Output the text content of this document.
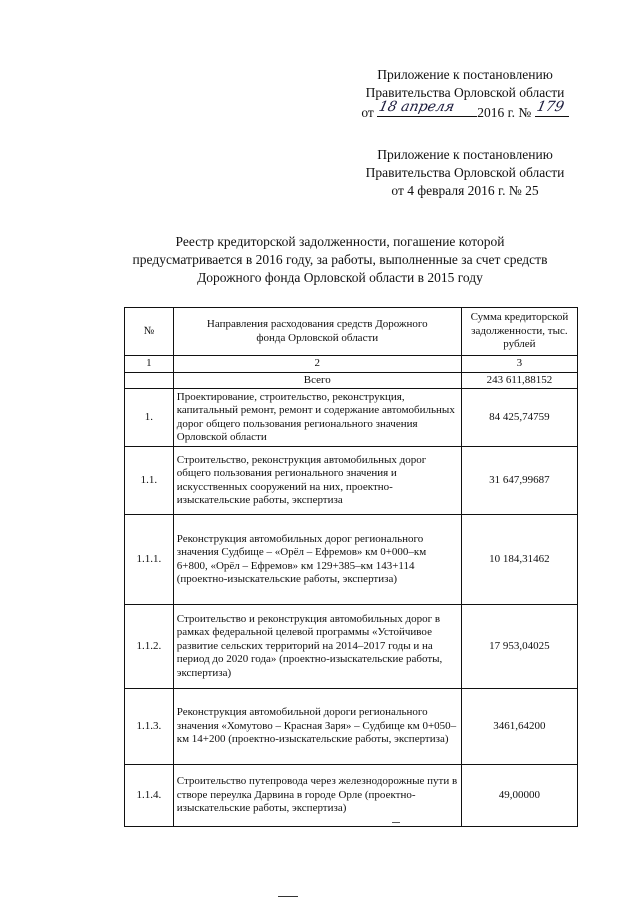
Приложение к постановлению
Правительства Орловской области
от 18 апреля 2016 г. № 179
Приложение к постановлению
Правительства Орловской области
от 4 февраля 2016 г. № 25
Реестр кредиторской задолженности, погашение которой
предусматривается в 2016 году, за работы, выполненные за счет средств
Дорожного фонда Орловской области в 2015 году
№	Направления расходования средств Дорожного фонда Орловской области	Сумма кредиторской задолженности, тыс. рублей
1	2	3
	Всего	243 611,88152
1.	Проектирование, строительство, реконструкция, капитальный ремонт, ремонт и содержание автомобильных дорог общего пользования регионального значения Орловской области	84 425,74759
1.1.	Строительство, реконструкция автомобильных дорог общего пользования регионального значения и искусственных сооружений на них, проектно-изыскательские работы, экспертиза	31 647,99687
1.1.1.	Реконструкция автомобильных дорог регионального значения Судбище – «Орёл – Ефремов» км 0+000–км 6+800, «Орёл – Ефремов» км 129+385–км 143+114 (проектно-изыскательские работы, экспертиза)	10 184,31462
1.1.2.	Строительство и реконструкция автомобильных дорог в рамках федеральной целевой программы «Устойчивое развитие сельских территорий на 2014–2017 годы и на период до 2020 года» (проектно-изыскательские работы, экспертиза)	17 953,04025
1.1.3.	Реконструкция автомобильной дороги регионального значения «Хомутово – Красная Заря» – Судбище км 0+050–км 14+200 (проектно-изыскательские работы, экспертиза)	3461,64200
1.1.4.	Строительство путепровода через железнодорожные пути в створе переулка Дарвина в городе Орле (проектно-изыскательские работы, экспертиза)	49,00000
